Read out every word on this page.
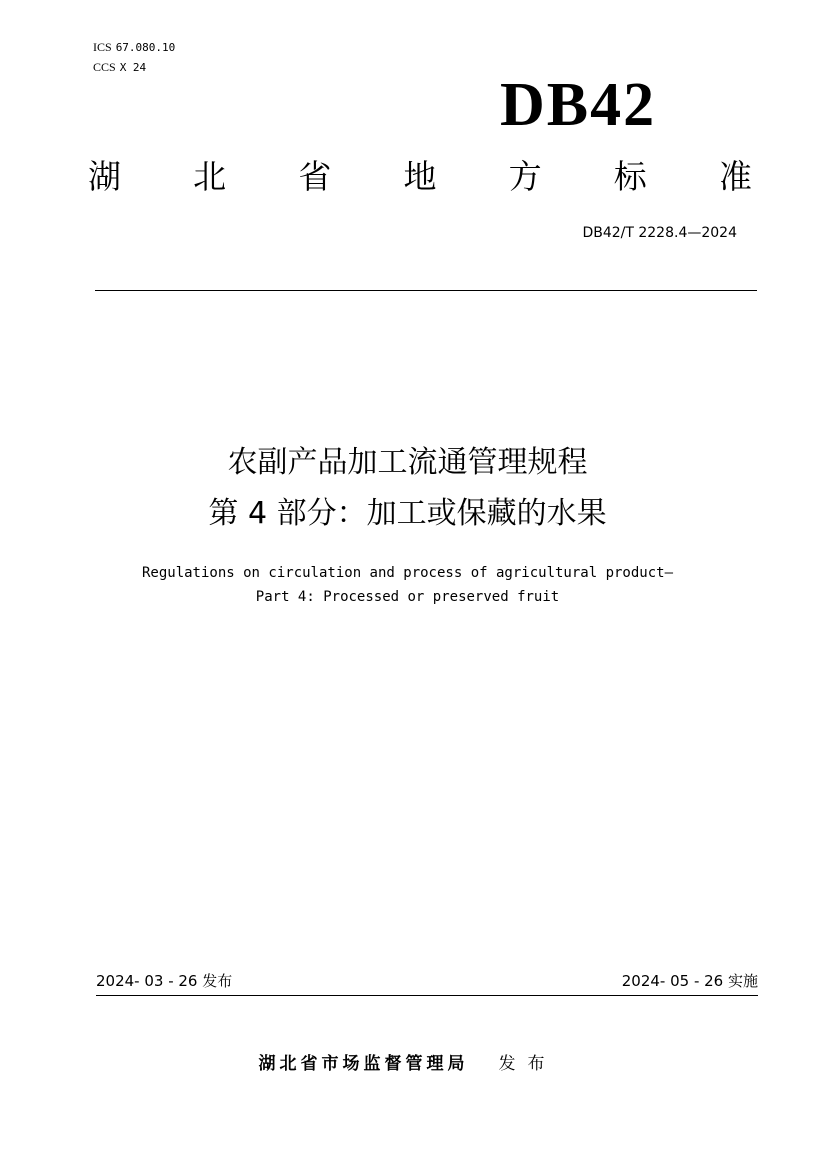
ICS 67.080.10
CCS X 24
DB42
湖 北 省 地 方 标 准
DB42/T 2228.4—2024
农副产品加工流通管理规程
第 4 部分：加工或保藏的水果
Regulations on circulation and process of agricultural product—
Part 4: Processed or preserved fruit
2024- 03 - 26 发布	2024- 05 - 26 实施
湖北省市场监督管理局 发布
